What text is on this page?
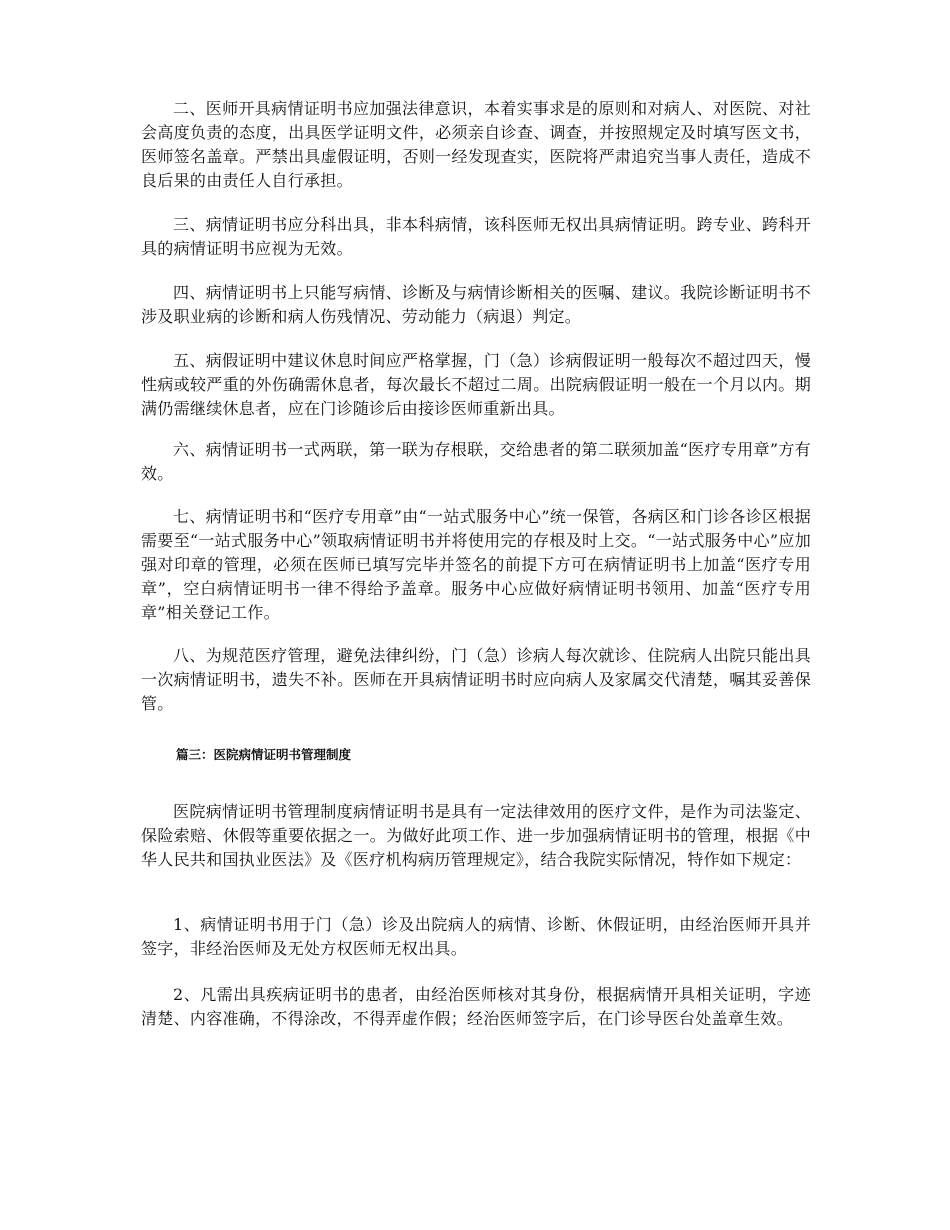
二、医师开具病情证明书应加强法律意识，本着实事求是的原则和对病人、对医院、对社会高度负责的态度，出具医学证明文件，必须亲自诊查、调查，并按照规定及时填写医文书，医师签名盖章。严禁出具虚假证明，否则一经发现查实，医院将严肃追究当事人责任，造成不良后果的由责任人自行承担。

三、病情证明书应分科出具，非本科病情，该科医师无权出具病情证明。跨专业、跨科开具的病情证明书应视为无效。

四、病情证明书上只能写病情、诊断及与病情诊断相关的医嘱、建议。我院诊断证明书不涉及职业病的诊断和病人伤残情况、劳动能力（病退）判定。

五、病假证明中建议休息时间应严格掌握，门（急）诊病假证明一般每次不超过四天，慢性病或较严重的外伤确需休息者，每次最长不超过二周。出院病假证明一般在一个月以内。期满仍需继续休息者，应在门诊随诊后由接诊医师重新出具。

六、病情证明书一式两联，第一联为存根联，交给患者的第二联须加盖“医疗专用章”方有效。

七、病情证明书和“医疗专用章”由“一站式服务中心”统一保管，各病区和门诊各诊区根据需要至“一站式服务中心”领取病情证明书并将使用完的存根及时上交。“一站式服务中心”应加强对印章的管理，必须在医师已填写完毕并签名的前提下方可在病情证明书上加盖“医疗专用章”，空白病情证明书一律不得给予盖章。服务中心应做好病情证明书领用、加盖“医疗专用章”相关登记工作。

八、为规范医疗管理，避免法律纠纷，门（急）诊病人每次就诊、住院病人出院只能出具一次病情证明书，遗失不补。医师在开具病情证明书时应向病人及家属交代清楚，嘱其妥善保管。

篇三：医院病情证明书管理制度

医院病情证明书管理制度病情证明书是具有一定法律效用的医疗文件，是作为司法鉴定、保险索赔、休假等重要依据之一。为做好此项工作、进一步加强病情证明书的管理，根据《中华人民共和国执业医法》及《医疗机构病历管理规定》，结合我院实际情况，特作如下规定：

1、病情证明书用于门（急）诊及出院病人的病情、诊断、休假证明，由经治医师开具并签字，非经治医师及无处方权医师无权出具。

2、凡需出具疾病证明书的患者，由经治医师核对其身份，根据病情开具相关证明，字迹清楚、内容准确，不得涂改，不得弄虚作假；经治医师签字后，在门诊导医台处盖章生效。
